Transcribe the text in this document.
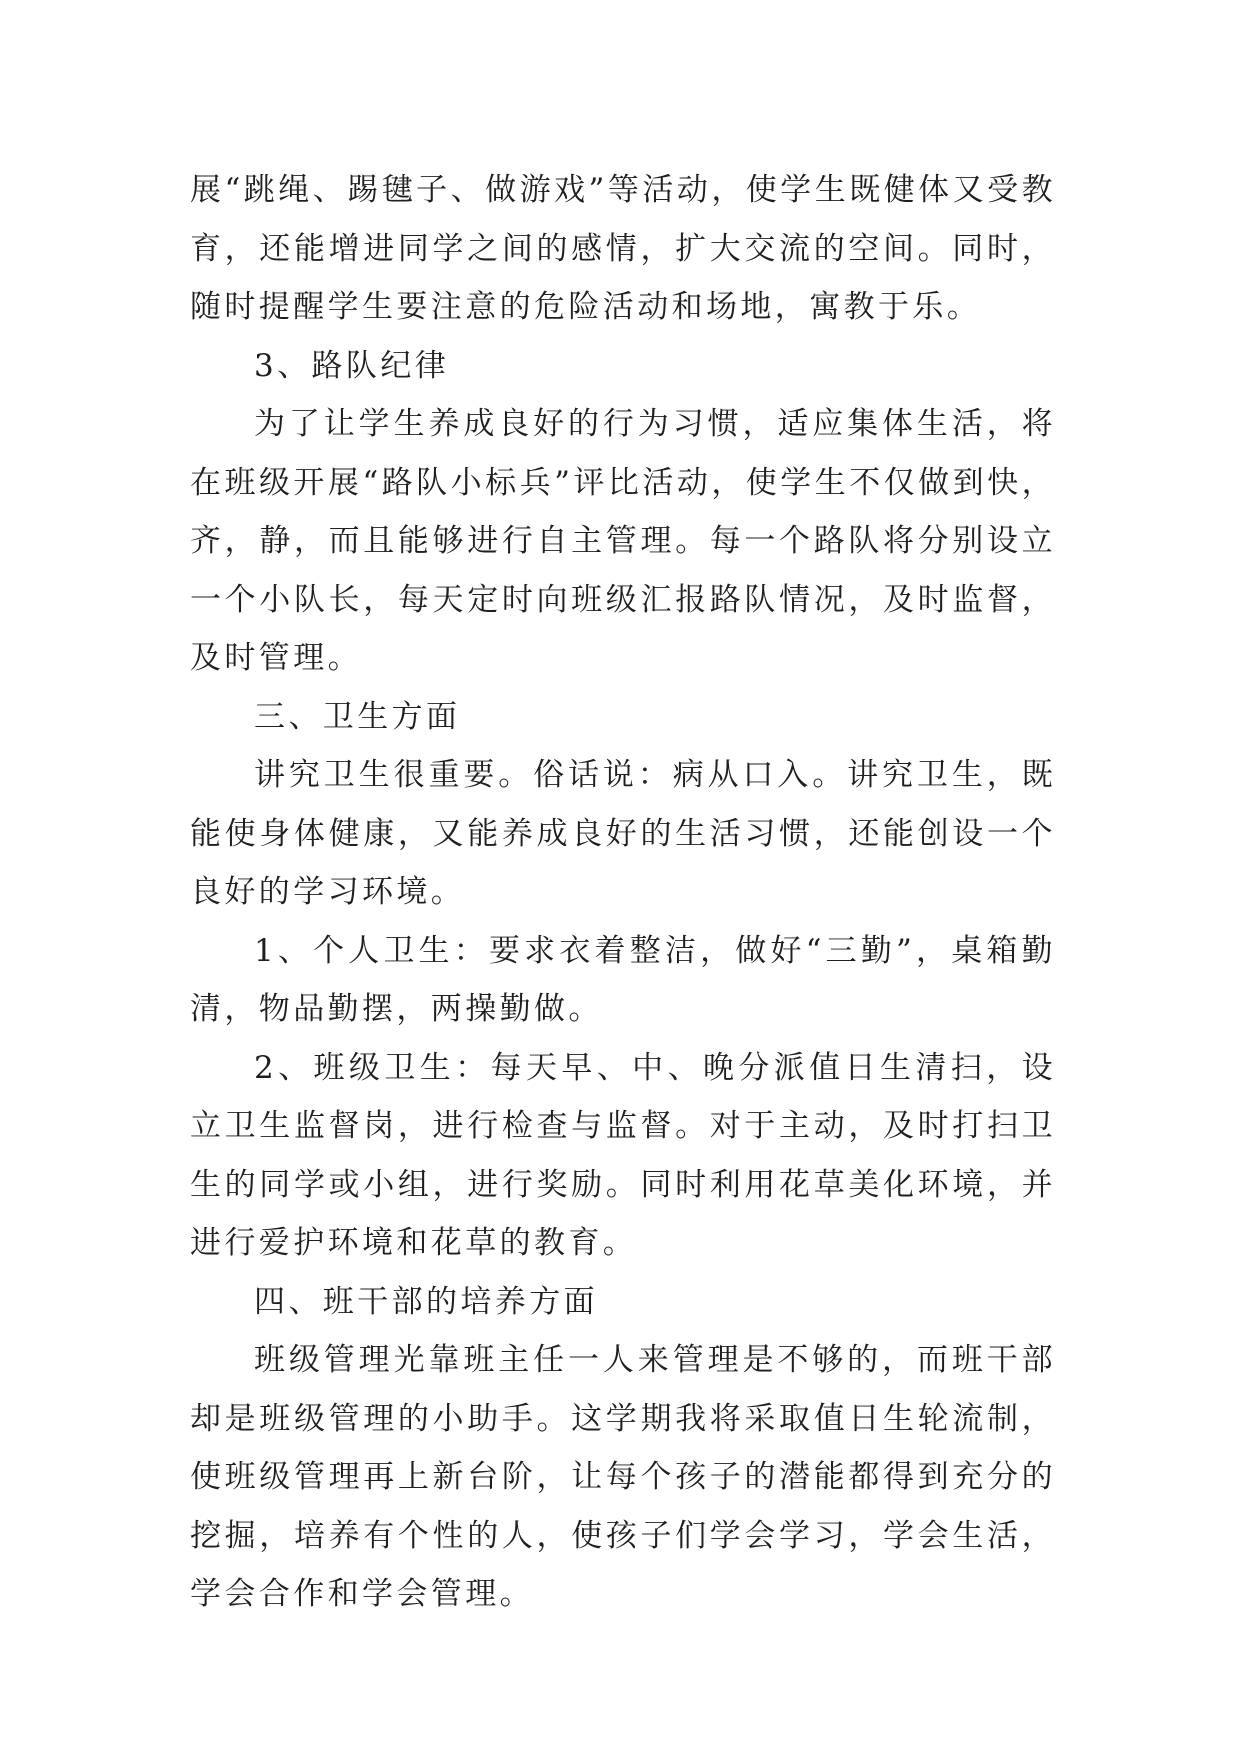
展“跳绳、踢毽子、做游戏”等活动，使学生既健体又受教育，还能增进同学之间的感情，扩大交流的空间。同时，随时提醒学生要注意的危险活动和场地，寓教于乐。

3、路队纪律

为了让学生养成良好的行为习惯，适应集体生活，将在班级开展“路队小标兵”评比活动，使学生不仅做到快，齐，静，而且能够进行自主管理。每一个路队将分别设立一个小队长，每天定时向班级汇报路队情况，及时监督，及时管理。

三、卫生方面

讲究卫生很重要。俗话说：病从口入。讲究卫生，既能使身体健康，又能养成良好的生活习惯，还能创设一个良好的学习环境。

1、个人卫生：要求衣着整洁，做好“三勤”，桌箱勤清，物品勤摆，两操勤做。

2、班级卫生：每天早、中、晚分派值日生清扫，设立卫生监督岗，进行检查与监督。对于主动，及时打扫卫生的同学或小组，进行奖励。同时利用花草美化环境，并进行爱护环境和花草的教育。

四、班干部的培养方面

班级管理光靠班主任一人来管理是不够的，而班干部却是班级管理的小助手。这学期我将采取值日生轮流制，使班级管理再上新台阶，让每个孩子的潜能都得到充分的挖掘，培养有个性的人，使孩子们学会学习，学会生活，学会合作和学会管理。
